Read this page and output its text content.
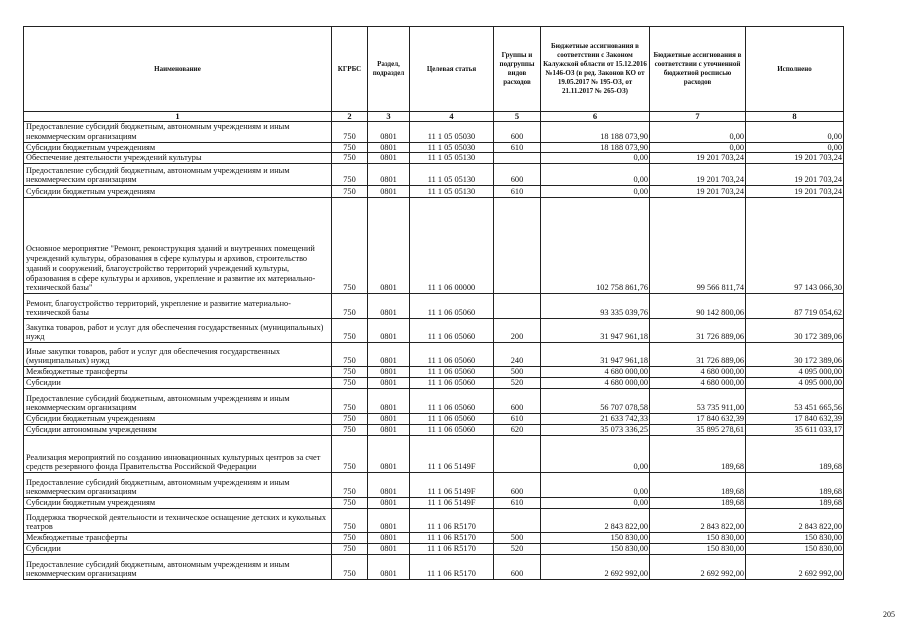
Наименование	КГРБС	Раздел, подраздел	Целевая статья	Группы и подгруппы видов расходов	Бюджетные ассигнования в соответствии с Законом Калужской области от 15.12.2016 №146-ОЗ (в ред. Законов КО от 19.05.2017 № 195-ОЗ, от 21.11.2017 № 265-ОЗ)	Бюджетные ассигнования в соответствии с уточненной бюджетной росписью расходов	Исполнено
1	2	3	4	5	6	7	8
Предоставление субсидий бюджетным, автономным учреждениям и иным некоммерческим организациям	750	0801	11 1 05 05030	600	18 188 073,90	0,00	0,00
Субсидии бюджетным учреждениям	750	0801	11 1 05 05030	610	18 188 073,90	0,00	0,00
Обеспечение деятельности учреждений культуры	750	0801	11 1 05 05130		0,00	19 201 703,24	19 201 703,24
Предоставление субсидий бюджетным, автономным учреждениям и иным некоммерческим организациям	750	0801	11 1 05 05130	600	0,00	19 201 703,24	19 201 703,24
Субсидии бюджетным учреждениям	750	0801	11 1 05 05130	610	0,00	19 201 703,24	19 201 703,24
Основное мероприятие "Ремонт, реконструкция зданий и внутренних помещений учреждений культуры, образования в сфере культуры и архивов, строительство зданий и сооружений, благоустройство территорий учреждений культуры, образования в сфере культуры и архивов, укрепление и развитие их материально-технической базы"	750	0801	11 1 06 00000		102 758 861,76	99 566 811,74	97 143 066,30
Ремонт, благоустройство территорий, укрепление и развитие материально-технической базы	750	0801	11 1 06 05060		93 335 039,76	90 142 800,06	87 719 054,62
Закупка товаров, работ и услуг для обеспечения государственных (муниципальных) нужд	750	0801	11 1 06 05060	200	31 947 961,18	31 726 889,06	30 172 389,06
Иные закупки товаров, работ и услуг для обеспечения государственных (муниципальных) нужд	750	0801	11 1 06 05060	240	31 947 961,18	31 726 889,06	30 172 389,06
Межбюджетные трансферты	750	0801	11 1 06 05060	500	4 680 000,00	4 680 000,00	4 095 000,00
Субсидии	750	0801	11 1 06 05060	520	4 680 000,00	4 680 000,00	4 095 000,00
Предоставление субсидий бюджетным, автономным учреждениям и иным некоммерческим организациям	750	0801	11 1 06 05060	600	56 707 078,58	53 735 911,00	53 451 665,56
Субсидии бюджетным учреждениям	750	0801	11 1 06 05060	610	21 633 742,33	17 840 632,39	17 840 632,39
Субсидии автономным учреждениям	750	0801	11 1 06 05060	620	35 073 336,25	35 895 278,61	35 611 033,17
Реализация мероприятий по созданию инновационных культурных центров за счет средств резервного фонда Правительства Российской Федерации	750	0801	11 1 06 5149F		0,00	189,68	189,68
Предоставление субсидий бюджетным, автономным учреждениям и иным некоммерческим организациям	750	0801	11 1 06 5149F	600	0,00	189,68	189,68
Субсидии бюджетным учреждениям	750	0801	11 1 06 5149F	610	0,00	189,68	189,68
Поддержка творческой деятельности и техническое оснащение детских и кукольных театров	750	0801	11 1 06 R5170		2 843 822,00	2 843 822,00	2 843 822,00
Межбюджетные трансферты	750	0801	11 1 06 R5170	500	150 830,00	150 830,00	150 830,00
Субсидии	750	0801	11 1 06 R5170	520	150 830,00	150 830,00	150 830,00
Предоставление субсидий бюджетным, автономным учреждениям и иным некоммерческим организациям	750	0801	11 1 06 R5170	600	2 692 992,00	2 692 992,00	2 692 992,00
205
